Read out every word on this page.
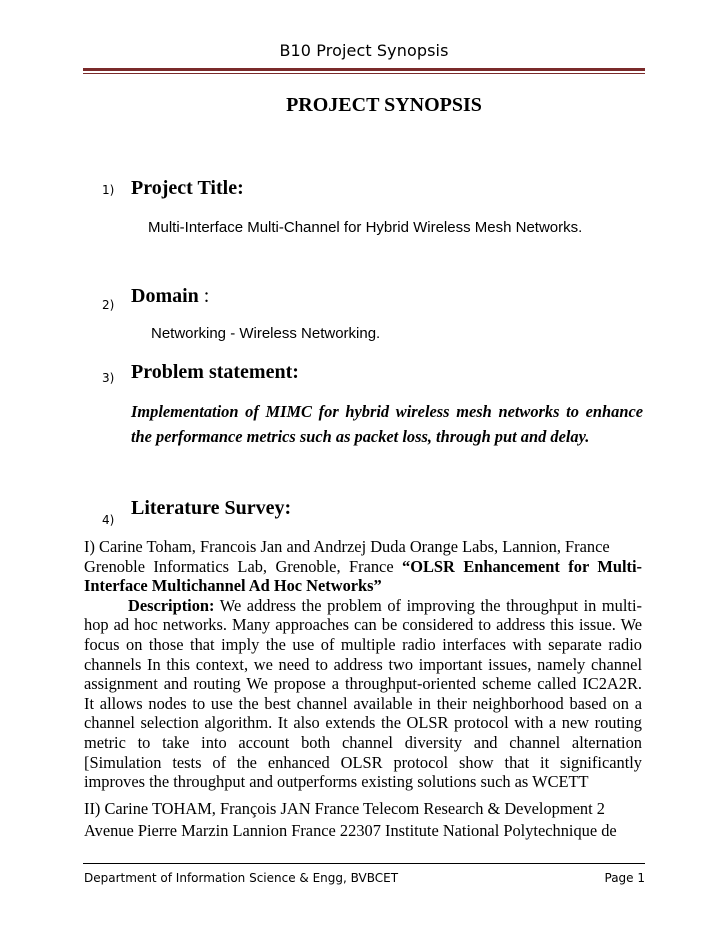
B10 Project Synopsis
PROJECT SYNOPSIS
1) Project Title:
Multi-Interface Multi-Channel for Hybrid Wireless Mesh Networks.
2) Domain :
Networking - Wireless Networking.
3) Problem statement:
Implementation of MIMC for hybrid wireless mesh networks to enhance
the performance metrics such as packet loss, through put and delay.
4)
Literature Survey:

I) Carine Toham, Francois Jan and Andrzej Duda Orange Labs, Lannion, France

Grenoble Informatics Lab, Grenoble, France “OLSR Enhancement for Multi-

Interface Multichannel Ad Hoc Networks”

Description: We address the problem of improving the throughput in multi-

hop ad hoc networks. Many approaches can be considered to address this issue. We

focus on those that imply the use of multiple radio interfaces with separate radio

channels In this context, we need to address two important issues, namely channel

assignment and routing We propose a throughput-oriented scheme called IC2A2R.

It allows nodes to use the best channel available in their neighborhood based on a

channel selection algorithm. It also extends the OLSR protocol with a new routing

metric to take into account both channel diversity and channel alternation

[Simulation tests of the enhanced OLSR protocol show that it significantly

improves the throughput and outperforms existing solutions such as WCETT

II) Carine TOHAM, François JAN France Telecom Research & Development 2

Avenue Pierre Marzin Lannion France 22307 Institute National Polytechnique de

Department of Information Science & Engg, BVBCET	Page 1
